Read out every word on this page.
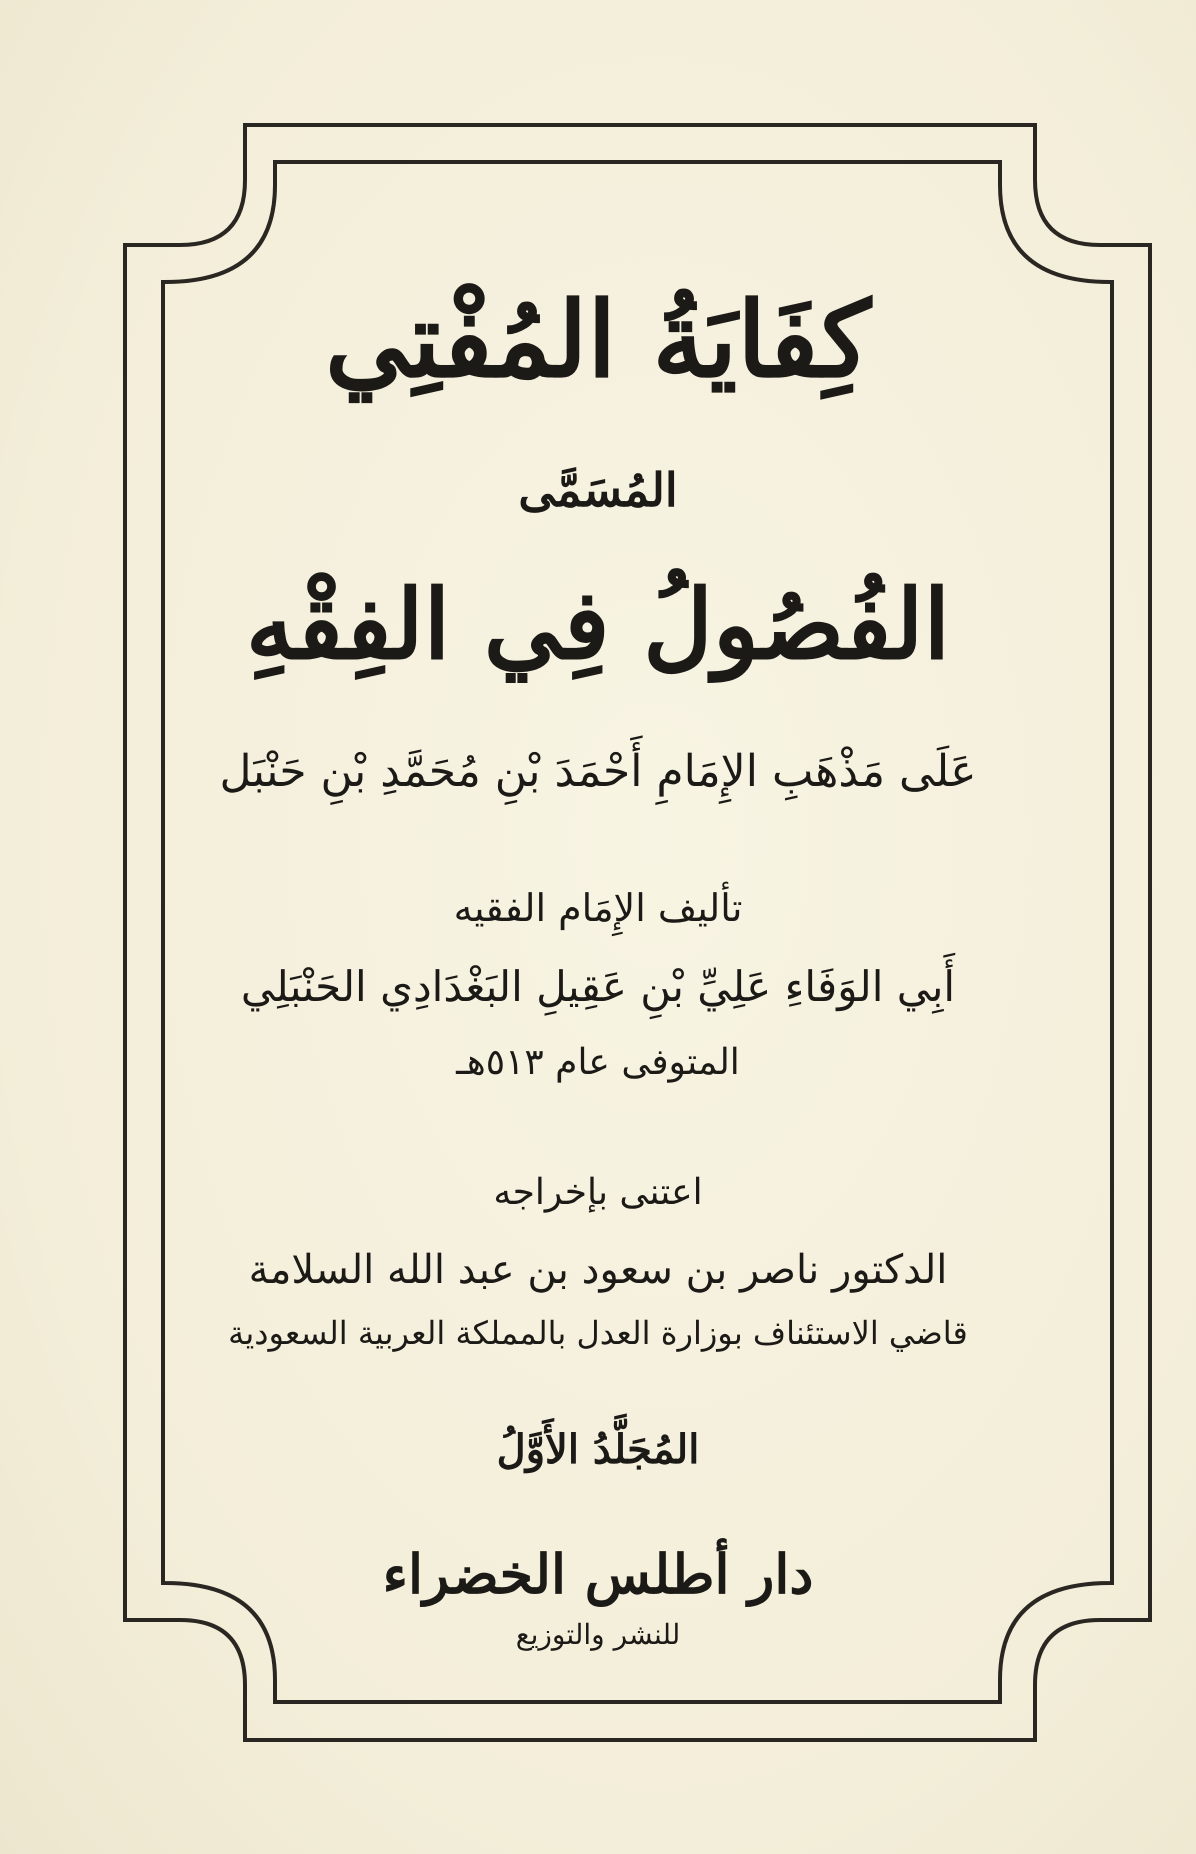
كِفَايَةُ المُفْتِي
المُسَمَّى
الفُصُولُ فِي الفِقْهِ
عَلَى مَذْهَبِ الإِمَامِ أَحْمَدَ بْنِ مُحَمَّدِ بْنِ حَنْبَل
تأليف الإِمَام الفقيه
أَبِي الوَفَاءِ عَلِيِّ بْنِ عَقِيلِ البَغْدَادِي الحَنْبَلِي
المتوفى عام ٥١٣هـ
اعتنى بإخراجه
الدكتور ناصر بن سعود بن عبد الله السلامة
قاضي الاستئناف بوزارة العدل بالمملكة العربية السعودية
المُجَلَّدُ الأَوَّلُ
دار أطلس الخضراء
للنشر والتوزيع
